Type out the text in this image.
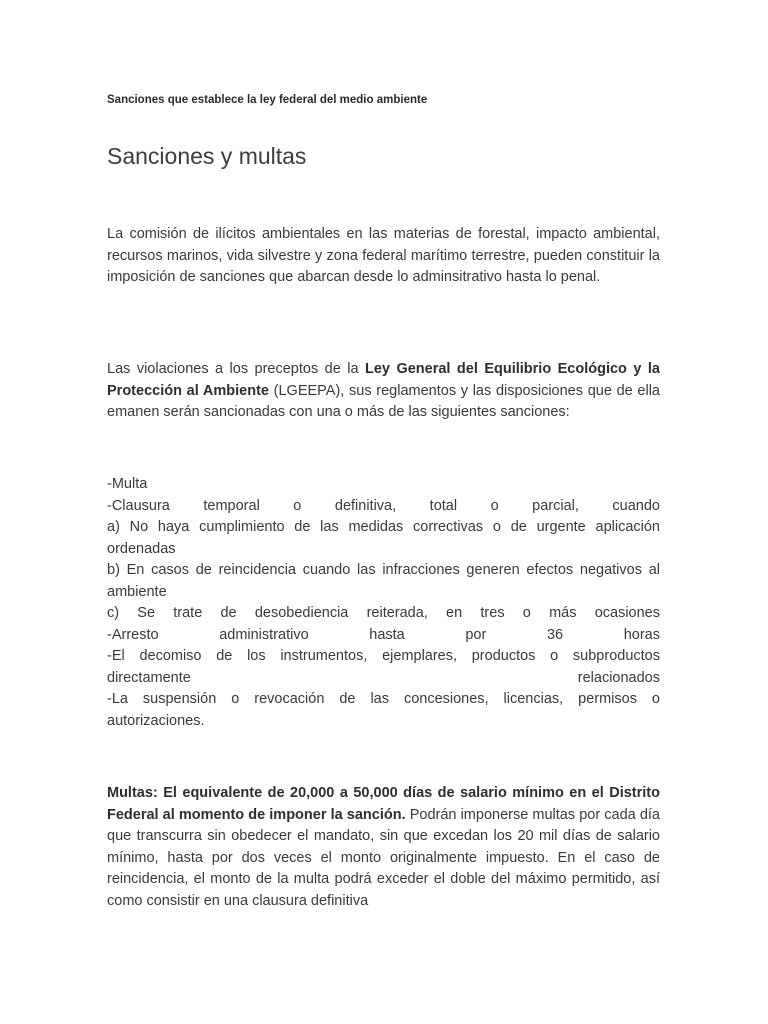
Sanciones que establece la ley federal del medio ambiente
Sanciones y multas
La comisión de ilícitos ambientales en las materias de forestal, impacto ambiental, recursos marinos, vida silvestre y zona federal marítimo terrestre, pueden constituir la imposición de sanciones que abarcan desde lo adminsitrativo hasta lo penal.
Las violaciones a los preceptos de la Ley General del Equilibrio Ecológico y la Protección al Ambiente (LGEEPA), sus reglamentos y las disposiciones que de ella emanen serán sancionadas con una o más de las siguientes sanciones:
-Multa
-Clausura temporal o definitiva, total o parcial, cuando
a) No haya cumplimiento de las medidas correctivas o de urgente aplicación ordenadas
b) En casos de reincidencia cuando las infracciones generen efectos negativos al ambiente
c) Se trate de desobediencia reiterada, en tres o más ocasiones
-Arresto administrativo hasta por 36 horas
-El decomiso de los instrumentos, ejemplares, productos o subproductos
directamente relacionados
-La suspensión o revocación de las concesiones, licencias, permisos o autorizaciones.
Multas: El equivalente de 20,000 a 50,000 días de salario mínimo en el Distrito Federal al momento de imponer la sanción. Podrán imponerse multas por cada día que transcurra sin obedecer el mandato, sin que excedan los 20 mil días de salario mínimo, hasta por dos veces el monto originalmente impuesto. En el caso de reincidencia, el monto de la multa podrá exceder el doble del máximo permitido, así como consistir en una clausura definitiva
